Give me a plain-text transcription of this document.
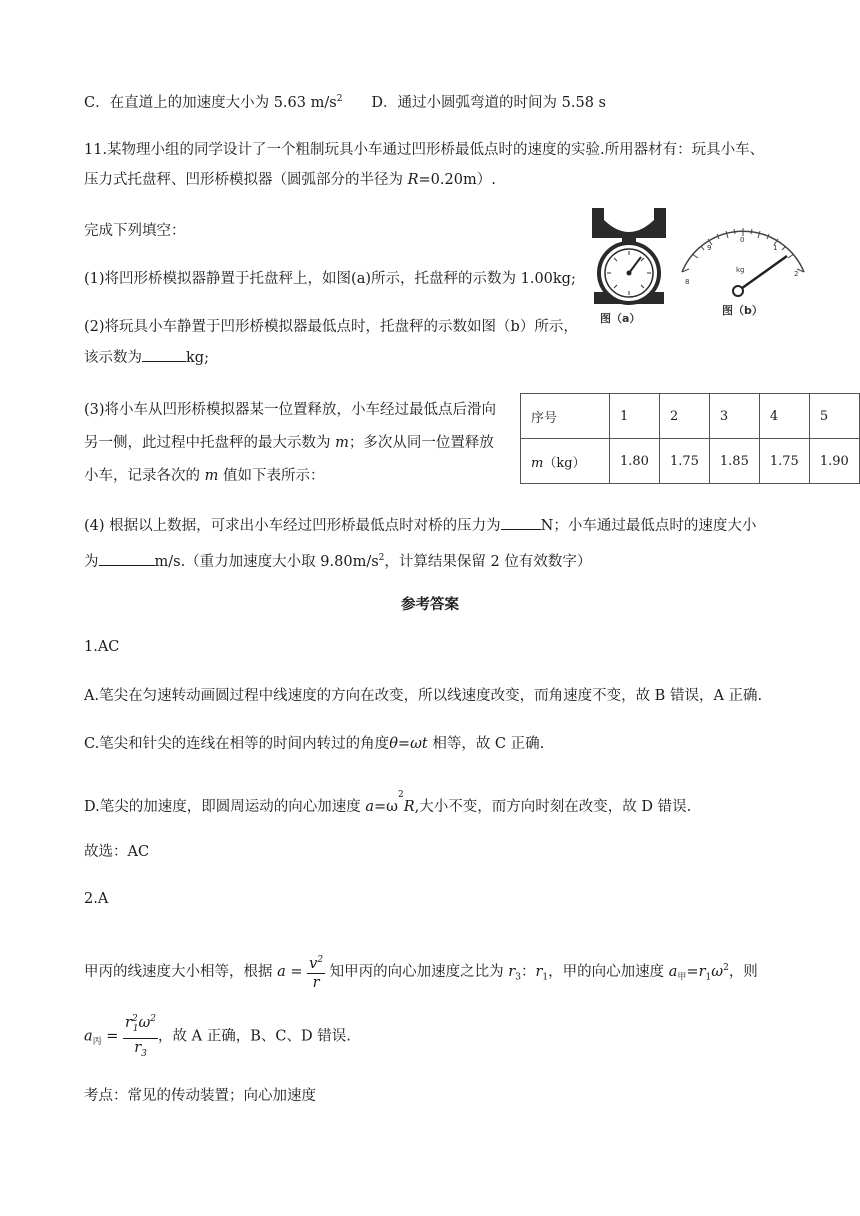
C．在直道上的加速度大小为 5.63 $m/s^2$　　 D．通过小圆弧弯道的时间为 5.58 s
11.某物理小组的同学设计了一个粗制玩具小车通过凹形桥最低点时的速度的实验.所用器材有：玩具小车、
压力式托盘秤、凹形桥模拟器（圆弧部分的半径为 R=0.20m）.
完成下列填空：
(1)将凹形桥模拟器静置于托盘秤上，如图(a)所示，托盘秤的示数为 1.00kg;
(2)将玩具小车静置于凹形桥模拟器最低点时，托盘秤的示数如图（b）所示，
该示数为	kg;
(3)将小车从凹形桥模拟器某一位置释放，小车经过最低点后滑向
另一侧，此过程中托盘秤的最大示数为 m；多次从同一位置释放
小车，记录各次的 m 值如下表所示：
(4) 根据以上数据，可求出小车经过凹形桥最低点时对桥的压力为	N；小车通过最低点时的速度大小
为	m/s.（重力加速度大小取 $9.80m/s^2$，计算结果保留 2 位有效数字）
图（a）
8
9
0
1
2
kg
图（b）
序号	1	2	3	4	5
m（kg）	1.80	1.75	1.85	1.75	1.90
参考答案
1.AC
A.笔尖在匀速转动画圆过程中线速度的方向在改变，所以线速度改变，而角速度不变，故 B 错误，A 正确.
C.笔尖和针尖的连线在相等的时间内转过的角度θ=ωt 相等，故 C 正确.
D.笔尖的加速度，即圆周运动的向心加速度 $a=\omega^2R$,大小不变，而方向时刻在改变，故 D 错误.
故选：AC
2.A
甲丙的线速度大小相等，根据 $a = \frac{v^2}{r}$ 知甲丙的向心加速度之比为 $r_3$：$r_1$，甲的向心加速度 $a_甲=r_1\omega^2$，则
$a_丙 = \frac{r^2_1\omega^2}{r_3}$ ，故 A 正确，B、C、D 错误.
考点：常见的传动装置；向心加速度
